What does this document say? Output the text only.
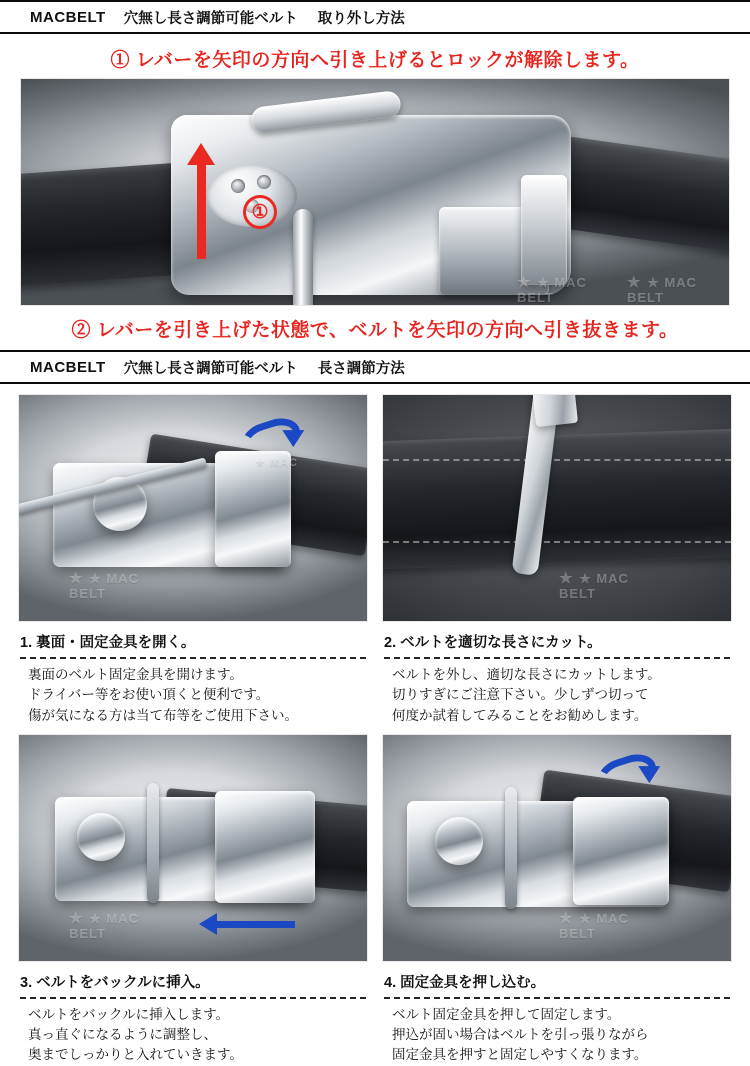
MACBELT 穴無し長さ調節可能ベルト 取り外し方法
① レバーを矢印の方向へ引き上げるとロックが解除します。
★ ★ MAC
BELT
★ ★ MAC
BELT
①
② レバーを引き上げた状態で、ベルトを矢印の方向へ引き抜きます。
MACBELT 穴無し長さ調節可能ベルト 長さ調節方法
★ ★ MAC
BELT
★ MAC
1. 裏面・固定金具を開く。
裏面のベルト固定金具を開けます。
ドライバー等をお使い頂くと便利です。
傷が気になる方は当て布等をご使用下さい。
★ ★ MAC
BELT
2. ベルトを適切な長さにカット。
ベルトを外し、適切な長さにカットします。
切りすぎにご注意下さい。少しずつ切って
何度か試着してみることをお勧めします。
★ ★ MAC
BELT
3. ベルトをバックルに挿入。
ベルトをバックルに挿入します。
真っ直ぐになるように調整し、
奥までしっかりと入れていきます。
★ ★ MAC
BELT
4. 固定金具を押し込む。
ベルト固定金具を押して固定します。
押込が固い場合はベルトを引っ張りながら
固定金具を押すと固定しやすくなります。
